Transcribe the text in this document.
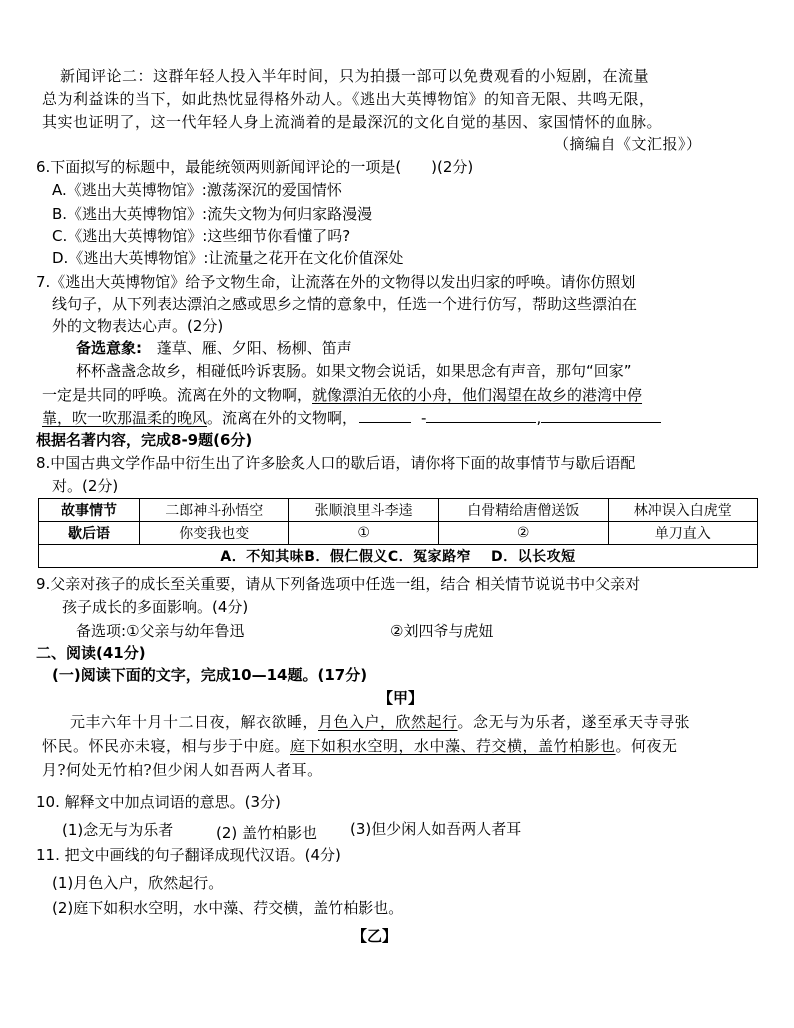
新闻评论二：这群年轻人投入半年时间，只为拍摄一部可以免费观看的小短剧，在流量
总为利益诛的当下，如此热忱显得格外动人。《逃出大英博物馆》的知音无限、共鸣无限，
其实也证明了，这一代年轻人身上流淌着的是最深沉的文化自觉的基因、家国情怀的血脉。
（摘编自《文汇报》）
6.下面拟写的标题中，最能统领两则新闻评论的一项是(　　)(2分)
A.《逃出大英博物馆》:激荡深沉的爱国情怀
B.《逃出大英博物馆》:流失文物为何归家路漫漫
C.《逃出大英博物馆》:这些细节你看懂了吗?
D.《逃出大英博物馆》:让流量之花开在文化价值深处
7.《逃出大英博物馆》给予文物生命，让流落在外的文物得以发出归家的呼唤。请你仿照划
线句子，从下列表达漂泊之感或思乡之情的意象中，任选一个进行仿写，帮助这些漂泊在
外的文物表达心声。(2分)
备选意象: 蓬草、雁、夕阳、杨柳、笛声
杯杯盏盏念故乡，相碰低吟诉衷肠。如果文物会说话，如果思念有声音，那句“回家”
一定是共同的呼唤。流离在外的文物啊，就像漂泊无依的小舟，他们渴望在故乡的港湾中停
靠，吹一吹那温柔的晚风。流离在外的文物啊，	-	,
根据名著内容，完成8-9题(6分)
8.中国古典文学作品中衍生出了许多脍炙人口的歇后语，请你将下面的故事情节与歇后语配
对。(2分)
故事情节	二郎神斗孙悟空	张顺浪里斗李逵	白骨精给唐僧送饭	林冲误入白虎堂
歇后语	你变我也变	①	②	单刀直入
A．不知其味B．假仁假义C．冤家路窄　 D．以长攻短				
9.父亲对孩子的成长至关重要，请从下列备选项中任选一组，结合 相关情节说说书中父亲对
孩子成长的多面影响。(4分)
备选项:①父亲与幼年鲁迅	②刘四爷与虎妞
二、阅读(41分)
(一)阅读下面的文字，完成10—14题。(17分)
【甲】
元丰六年十月十二日夜，解衣欲睡，月色入户，欣然起行。念无与为乐者，遂至承天寺寻张
怀民。怀民亦未寝，相与步于中庭。庭下如积水空明，水中藻、荇交横，盖竹柏影也。何夜无
月?何处无竹柏?但少闲人如吾两人者耳。
10. 解释文中加点词语的意思。(3分)
(1)念无与为乐者	(2) 盖竹柏影也 (3)但少闲人如吾两人者耳
11. 把文中画线的句子翻译成现代汉语。(4分)
(1)月色入户，欣然起行。
(2)庭下如积水空明，水中藻、荇交横，盖竹柏影也。
【乙】
